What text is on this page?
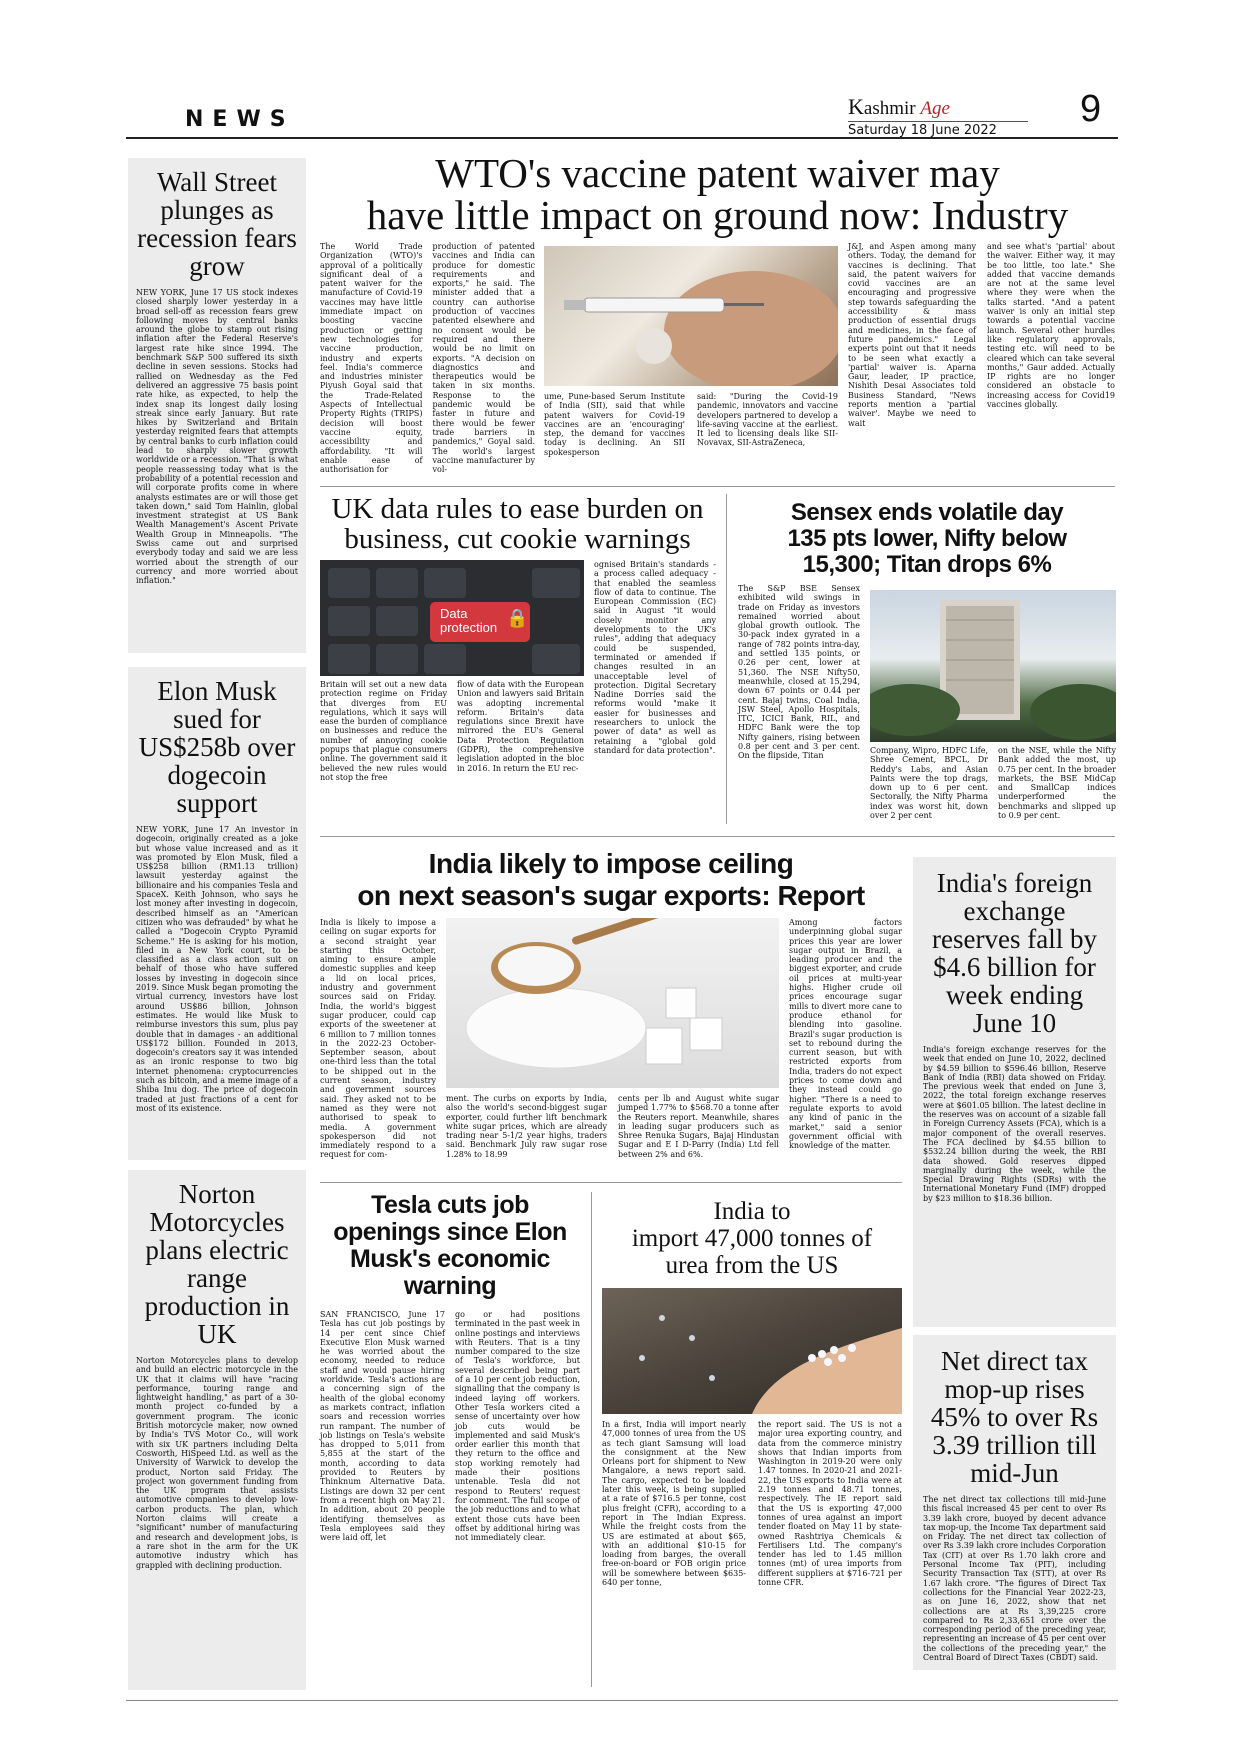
NEWS
Kashmir Age
Saturday 18 June 2022
9
Wall Street plunges as recession fears grow
NEW YORK, June 17 US stock indexes closed sharply lower yesterday in a broad sell-off as recession fears grew following moves by central banks around the globe to stamp out rising inflation after the Federal Reserve's largest rate hike since 1994. The benchmark S&P 500 suffered its sixth decline in seven sessions. Stocks had rallied on Wednesday as the Fed delivered an aggressive 75 basis point rate hike, as expected, to help the index snap its longest daily losing streak since early January. But rate hikes by Switzerland and Britain yesterday reignited fears that attempts by central banks to curb inflation could lead to sharply slower growth worldwide or a recession. "That is what people reassessing today what is the probability of a potential recession and will corporate profits come in where analysts estimates are or will those get taken down," said Tom Hainlin, global investment strategist at US Bank Wealth Management's Ascent Private Wealth Group in Minneapolis. "The Swiss came out and surprised everybody today and said we are less worried about the strength of our currency and more worried about inflation."
Elon Musk sued for US$258b over dogecoin support
NEW YORK, June 17 An investor in dogecoin, originally created as a joke but whose value increased and as it was promoted by Elon Musk, filed a US$258 billion (RM1.13 trillion) lawsuit yesterday against the billionaire and his companies Tesla and SpaceX. Keith Johnson, who says he lost money after investing in dogecoin, described himself as an "American citizen who was defrauded" by what he called a "Dogecoin Crypto Pyramid Scheme." He is asking for his motion, filed in a New York court, to be classified as a class action suit on behalf of those who have suffered losses by investing in dogecoin since 2019. Since Musk began promoting the virtual currency, investors have lost around US$86 billion, Johnson estimates. He would like Musk to reimburse investors this sum, plus pay double that in damages - an additional US$172 billion. Founded in 2013, dogecoin's creators say it was intended as an ironic response to two big internet phenomena: cryptocurrencies such as bitcoin, and a meme image of a Shiba Inu dog. The price of dogecoin traded at just fractions of a cent for most of its existence.
Norton Motorcycles plans electric range production in UK
Norton Motorcycles plans to develop and build an electric motorcycle in the UK that it claims will have "racing performance, touring range and lightweight handling," as part of a 30-month project co-funded by a government program. The iconic British motorcycle maker, now owned by India's TVS Motor Co., will work with six UK partners including Delta Cosworth, HiSpeed Ltd. as well as the University of Warwick to develop the product, Norton said Friday. The project won government funding from the UK program that assists automotive companies to develop low-carbon products. The plan, which Norton claims will create a "significant" number of manufacturing and research and development jobs, is a rare shot in the arm for the UK automotive industry which has grappled with declining production.
WTO's vaccine patent waiver may
have little impact on ground now: Industry
The World Trade Organization (WTO)'s approval of a politically significant deal of a patent waiver for the manufacture of Covid-19 vaccines may have little immediate impact on boosting vaccine production or getting new technologies for vaccine production, industry and experts feel. India's commerce and industries minister Piyush Goyal said that the Trade-Related Aspects of Intellectual Property Rights (TRIPS) decision will boost vaccine equity, accessibility and affordability. "It will enable ease of authorisation for
production of patented vaccines and India can produce for domestic requirements and exports," he said. The minister added that a country can authorise production of vaccines patented elsewhere and no consent would be required and there would be no limit on exports. "A decision on diagnostics and therapeutics would be taken in six months. Response to the pandemic would be faster in future and there would be fewer trade barriers in pandemics," Goyal said. The world's largest vaccine manufacturer by vol-
ume, Pune-based Serum Institute of India (SII), said that while patent waivers for Covid-19 vaccines are an 'encouraging' step, the demand for vaccines today is declining. An SII spokesperson
said: "During the Covid-19 pandemic, innovators and vaccine developers partnered to develop a life-saving vaccine at the earliest. It led to licensing deals like SII-Novavax, SII-AstraZeneca,
J&J, and Aspen among many others. Today, the demand for vaccines is declining. That said, the patent waivers for covid vaccines are an encouraging and progressive step towards safeguarding the accessibility & mass production of essential drugs and medicines, in the face of future pandemics." Legal experts point out that it needs to be seen what exactly a 'partial' waiver is. Aparna Gaur, leader, IP practice, Nishith Desai Associates told Business Standard, "News reports mention a 'partial waiver'. Maybe we need to wait
and see what's 'partial' about the waiver. Either way, it may be too little, too late." She added that vaccine demands are not at the same level where they were when the talks started. "And a patent waiver is only an initial step towards a potential vaccine launch. Several other hurdles like regulatory approvals, testing etc. will need to be cleared which can take several months," Gaur added. Actually IP rights are no longer considered an obstacle to increasing access for Covid19 vaccines globally.
UK data rules to ease burden on
business, cut cookie warnings
Data
protection 🔒
Britain will set out a new data protection regime on Friday that diverges from EU regulations, which it says will ease the burden of compliance on businesses and reduce the number of annoying cookie popups that plague consumers online. The government said it believed the new rules would not stop the free
flow of data with the European Union and lawyers said Britain was adopting incremental reform. Britain's data regulations since Brexit have mirrored the EU's General Data Protection Regulation (GDPR), the comprehensive legislation adopted in the bloc in 2016. In return the EU rec-
ognised Britain's standards - a process called adequacy - that enabled the seamless flow of data to continue. The European Commission (EC) said in August "it would closely monitor any developments to the UK's rules", adding that adequacy could be suspended, terminated or amended if changes resulted in an unacceptable level of protection. Digital Secretary Nadine Dorries said the reforms would "make it easier for businesses and researchers to unlock the power of data" as well as retaining a "global gold standard for data protection".
Sensex ends volatile day
135 pts lower, Nifty below
15,300; Titan drops 6%
The S&P BSE Sensex exhibited wild swings in trade on Friday as investors remained worried about global growth outlook. The 30-pack index gyrated in a range of 782 points intra-day, and settled 135 points, or 0.26 per cent, lower at 51,360. The NSE Nifty50, meanwhile, closed at 15,294, down 67 points or 0.44 per cent. Bajaj twins, Coal India, JSW Steel, Apollo Hospitals, ITC, ICICI Bank, RIL, and HDFC Bank were the top Nifty gainers, rising between 0.8 per cent and 3 per cent. On the flipside, Titan
Company, Wipro, HDFC Life, Shree Cement, BPCL, Dr Reddy's Labs, and Asian Paints were the top drags, down up to 6 per cent. Sectorally, the Nifty Pharma index was worst hit, down over 2 per cent
on the NSE, while the Nifty Bank added the most, up 0.75 per cent. In the broader markets, the BSE MidCap and SmallCap indices underperformed the benchmarks and slipped up to 0.9 per cent.
India likely to impose ceiling
on next season's sugar exports: Report
India is likely to impose a ceiling on sugar exports for a second straight year starting this October, aiming to ensure ample domestic supplies and keep a lid on local prices, industry and government sources said on Friday. India, the world's biggest sugar producer, could cap exports of the sweetener at 6 million to 7 million tonnes in the 2022-23 October-September season, about one-third less than the total to be shipped out in the current season, industry and government sources said. They asked not to be named as they were not authorised to speak to media. A government spokesperson did not immediately respond to a request for com-
ment. The curbs on exports by India, also the world's second-biggest sugar exporter, could further lift benchmark white sugar prices, which are already trading near 5-1/2 year highs, traders said. Benchmark July raw sugar rose 1.28% to 18.99
cents per lb and August white sugar jumped 1.77% to $568.70 a tonne after the Reuters report. Meanwhile, shares in leading sugar producers such as Shree Renuka Sugars, Bajaj Hindustan Sugar and E I D-Parry (India) Ltd fell between 2% and 6%.
Among factors underpinning global sugar prices this year are lower sugar output in Brazil, a leading producer and the biggest exporter, and crude oil prices at multi-year highs. Higher crude oil prices encourage sugar mills to divert more cane to produce ethanol for blending into gasoline. Brazil's sugar production is set to rebound during the current season, but with restricted exports from India, traders do not expect prices to come down and they instead could go higher. "There is a need to regulate exports to avoid any kind of panic in the market," said a senior government official with knowledge of the matter.
India's foreign exchange reserves fall by $4.6 billion for week ending June 10
India's foreign exchange reserves for the week that ended on June 10, 2022, declined by $4.59 billion to $596.46 billion, Reserve Bank of India (RBI) data showed on Friday. The previous week that ended on June 3, 2022, the total foreign exchange reserves were at $601.05 billion. The latest decline in the reserves was on account of a sizable fall in Foreign Currency Assets (FCA), which is a major component of the overall reserves. The FCA declined by $4.55 billion to $532.24 billion during the week, the RBI data showed. Gold reserves dipped marginally during the week, while the Special Drawing Rights (SDRs) with the International Monetary Fund (IMF) dropped by $23 million to $18.36 billion.
Net direct tax mop-up rises 45% to over Rs 3.39 trillion till mid-Jun
The net direct tax collections till mid-June this fiscal increased 45 per cent to over Rs 3.39 lakh crore, buoyed by decent advance tax mop-up, the Income Tax department said on Friday. The net direct tax collection of over Rs 3.39 lakh crore includes Corporation Tax (CIT) at over Rs 1.70 lakh crore and Personal Income Tax (PIT), including Security Transaction Tax (STT), at over Rs 1.67 lakh crore. "The figures of Direct Tax collections for the Financial Year 2022-23, as on June 16, 2022, show that net collections are at Rs 3,39,225 crore compared to Rs 2,33,651 crore over the corresponding period of the preceding year, representing an increase of 45 per cent over the collections of the preceding year," the Central Board of Direct Taxes (CBDT) said.
Tesla cuts job
openings since Elon
Musk's economic
warning
SAN FRANCISCO, June 17 Tesla has cut job postings by 14 per cent since Chief Executive Elon Musk warned he was worried about the economy, needed to reduce staff and would pause hiring worldwide. Tesla's actions are a concerning sign of the health of the global economy as markets contract, inflation soars and recession worries run rampant. The number of job listings on Tesla's website has dropped to 5,011 from 5,855 at the start of the month, according to data provided to Reuters by Thinknum Alternative Data. Listings are down 32 per cent from a recent high on May 21. In addition, about 20 people identifying themselves as Tesla employees said they were laid off, let
go or had positions terminated in the past week in online postings and interviews with Reuters. That is a tiny number compared to the size of Tesla's workforce, but several described being part of a 10 per cent job reduction, signalling that the company is indeed laying off workers. Other Tesla workers cited a sense of uncertainty over how job cuts would be implemented and said Musk's order earlier this month that they return to the office and stop working remotely had made their positions untenable. Tesla did not respond to Reuters' request for comment. The full scope of the job reductions and to what extent those cuts have been offset by additional hiring was not immediately clear.
India to
import 47,000 tonnes of
urea from the US
In a first, India will import nearly 47,000 tonnes of urea from the US as tech giant Samsung will load the consignment at the New Orleans port for shipment to New Mangalore, a news report said. The cargo, expected to be loaded later this week, is being supplied at a rate of $716.5 per tonne, cost plus freight (CFR), according to a report in The Indian Express. While the freight costs from the US are estimated at about $65, with an additional $10-15 for loading from barges, the overall free-on-board or FOB origin price will be somewhere between $635-640 per tonne,
the report said. The US is not a major urea exporting country, and data from the commerce ministry shows that Indian imports from Washington in 2019-20 were only 1.47 tonnes. In 2020-21 and 2021-22, the US exports to India were at 2.19 tonnes and 48.71 tonnes, respectively. The IE report said that the US is exporting 47,000 tonnes of urea against an import tender floated on May 11 by state-owned Rashtriya Chemicals & Fertilisers Ltd. The company's tender has led to 1.45 million tonnes (mt) of urea imports from different suppliers at $716-721 per tonne CFR.
